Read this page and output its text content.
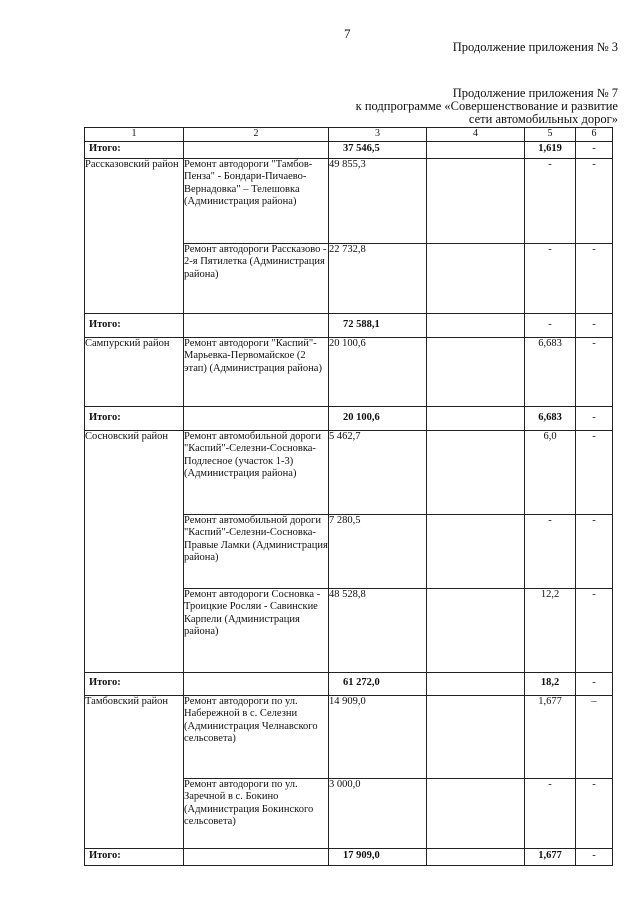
7
Продолжение приложения № 3
Продолжение приложения № 7
к подпрограмме «Совершенствование и развитие
сети автомобильных дорог»
1	2	3	4	5	6
Итого:		37 546,5		1,619	-
Рассказовский район	Ремонт автодороги "Тамбов-Пенза" - Бондари-Пичаево-Вернадовка" – Телешовка (Администрация района)	49 855,3		-	-
	Ремонт автодороги Рассказово - 2-я Пятилетка (Администрация района)	22 732,8		-	-
Итого:		72 588,1		-	-
Сампурский район	Ремонт автодороги "Каспий"-Марьевка-Первомайское (2 этап) (Администрация района)	20 100,6		6,683	-
Итого:		20 100,6		6,683	-
Сосновский район	Ремонт автомобильной дороги "Каспий"-Селезни-Сосновка-Подлесное (участок 1-3) (Администрация района)	5 462,7		6,0	-
	Ремонт автомобильной дороги "Каспий"-Селезни-Сосновка-Правые Ламки (Администрация района)	7 280,5		-	-
	Ремонт автодороги Сосновка - Троицкие Росляи - Савинские Карпели (Администрация района)	48 528,8		12,2	-
Итого:		61 272,0		18,2	-
Тамбовский район	Ремонт автодороги по ул. Набережной в с. Селезни (Администрация Челнавского сельсовета)	14 909,0		1,677	–
	Ремонт автодороги по ул. Заречной в с. Бокино (Администрация Бокинского сельсовета)	3 000,0		-	-
Итого:		17 909,0		1,677	-
